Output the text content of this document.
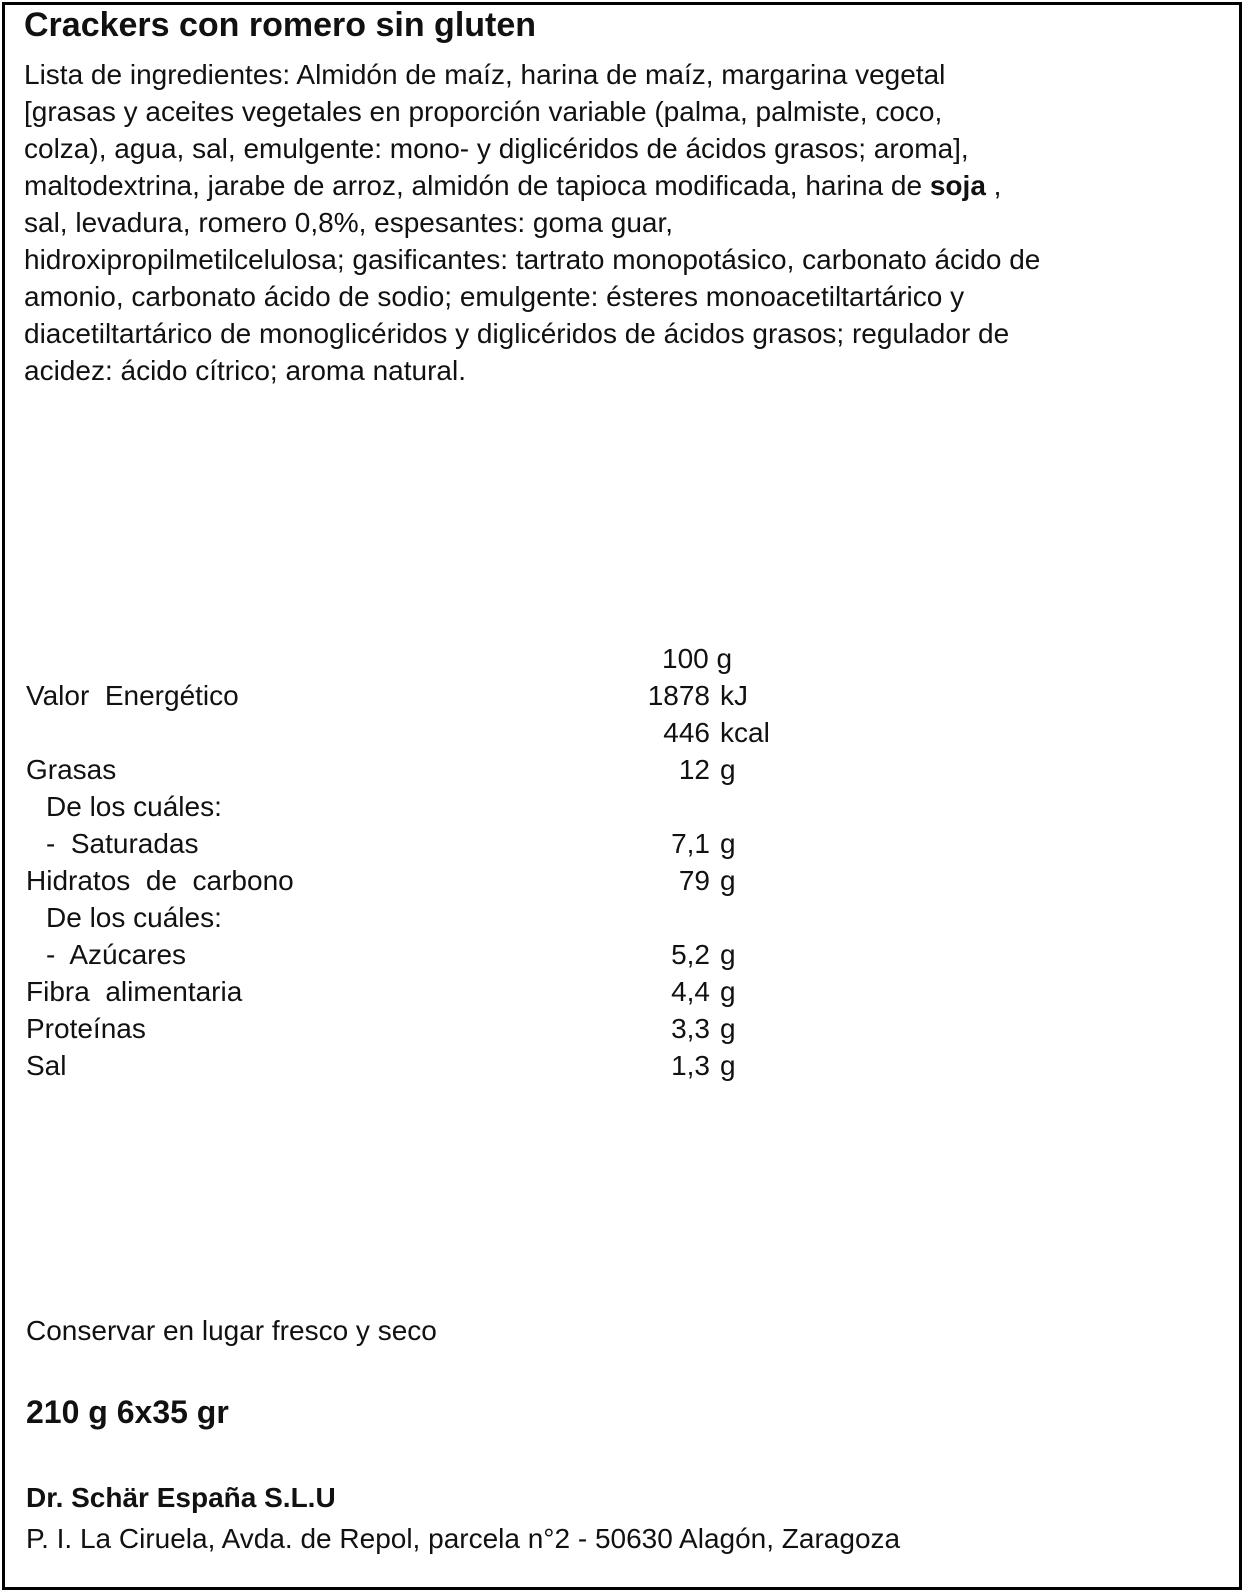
Crackers con romero sin gluten
Lista de ingredientes: Almidón de maíz, harina de maíz, margarina vegetal
[grasas y aceites vegetales en proporción variable (palma, palmiste, coco,
colza), agua, sal, emulgente: mono- y diglicéridos de ácidos grasos; aroma],
maltodextrina, jarabe de arroz, almidón de tapioca modificada, harina de soja ,
sal, levadura, romero 0,8%, espesantes: goma guar,
hidroxipropilmetilcelulosa; gasificantes: tartrato monopotásico, carbonato ácido de
amonio, carbonato ácido de sodio; emulgente: ésteres monoacetiltartárico y
diacetiltartárico de monoglicéridos y diglicéridos de ácidos grasos; regulador de
acidez: ácido cítrico; aroma natural.
100 g
Valor  Energético	1878 kJ
446 kcal
Grasas	12 g
De los cuáles:
-  Saturadas	7,1 g
Hidratos  de  carbono	79 g
De los cuáles:
-  Azúcares	5,2 g
Fibra  alimentaria	4,4 g
Proteínas	3,3 g
Sal	1,3 g
Conservar en lugar fresco y seco
210 g 6x35 gr
Dr. Schär España S.L.U
P. I. La Ciruela, Avda. de Repol, parcela n°2 - 50630 Alagón, Zaragoza
